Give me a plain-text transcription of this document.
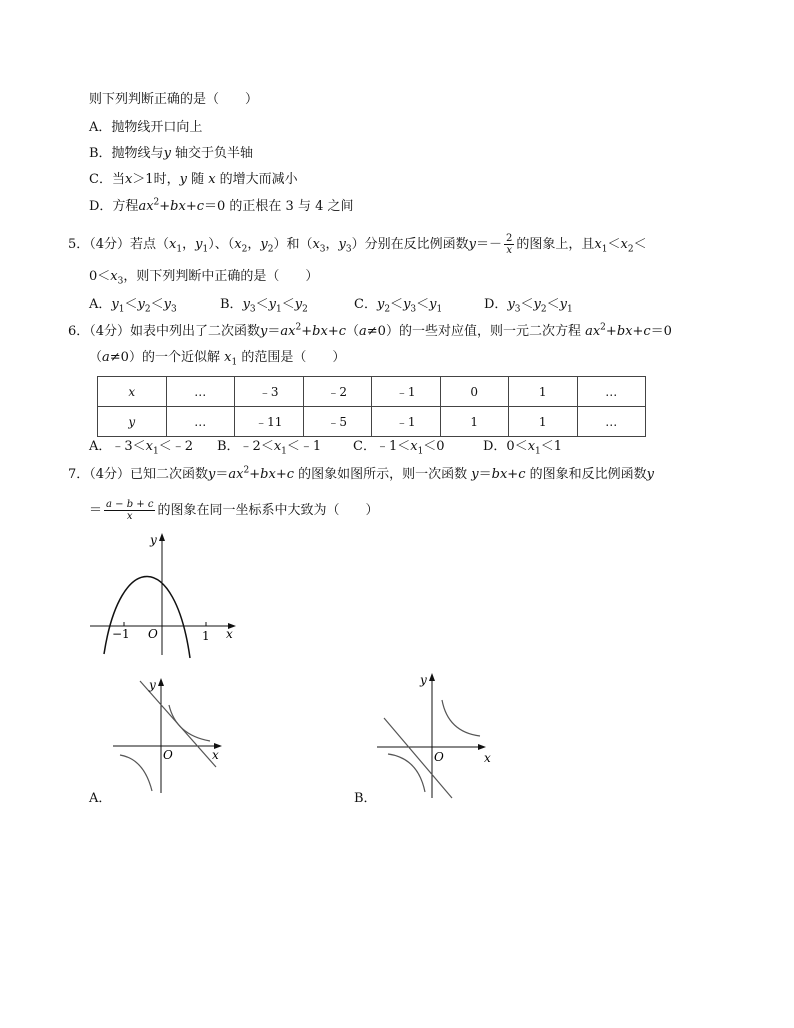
则下列判断正确的是（　　）
A．抛物线开口向上
B．抛物线与y 轴交于负半轴
C．当x＞1时，y 随 x 的增大而减小
D．方程$ax^2+bx+c=0$ 的正根在 3 与 4 之间
5．（4分）若点（$x_1$，$y_1$）、（$x_2$，$y_2$）和（$x_3$，$y_3$）分别在反比例函数$y=- \frac{2}{x}$ 的图象上，且$x_1<x_2<$
$0<x_3$，则下列判断中正确的是（　　）
A．$y_1<y_2<y_3$	B．$y_3<y_1<y_2$	C．$y_2<y_3<y_1$	D．$y_3<y_2<y_1$
6．（4分）如表中列出了二次函数$y=ax^2+bx+c(a\ne 0)$的一些对应值，则一元二次方程 $ax^2+bx+c=0$
（a≠0）的一个近似解 $x_1$ 的范围是（　　）
x	…	﹣3	﹣2	﹣1	0	1	…
y	…	﹣11	﹣5	﹣1	1	1	…
A．$﹣3<x_1<﹣2$ B．$﹣2<x_1<﹣1$ C．$﹣1<x_1<0$	D．$0<x_1<1$
7．（4分）已知二次函数$y=ax^2+bx+c$ 的图象如图所示，则一次函数 y＝bx+c 的图象和反比例函数y
＝ $\frac{a - b + c}{x}$ 的图象在同一坐标系中大致为（　　）
y
x
O
−1	1
y
x
O
A．
y
x
O
B．
